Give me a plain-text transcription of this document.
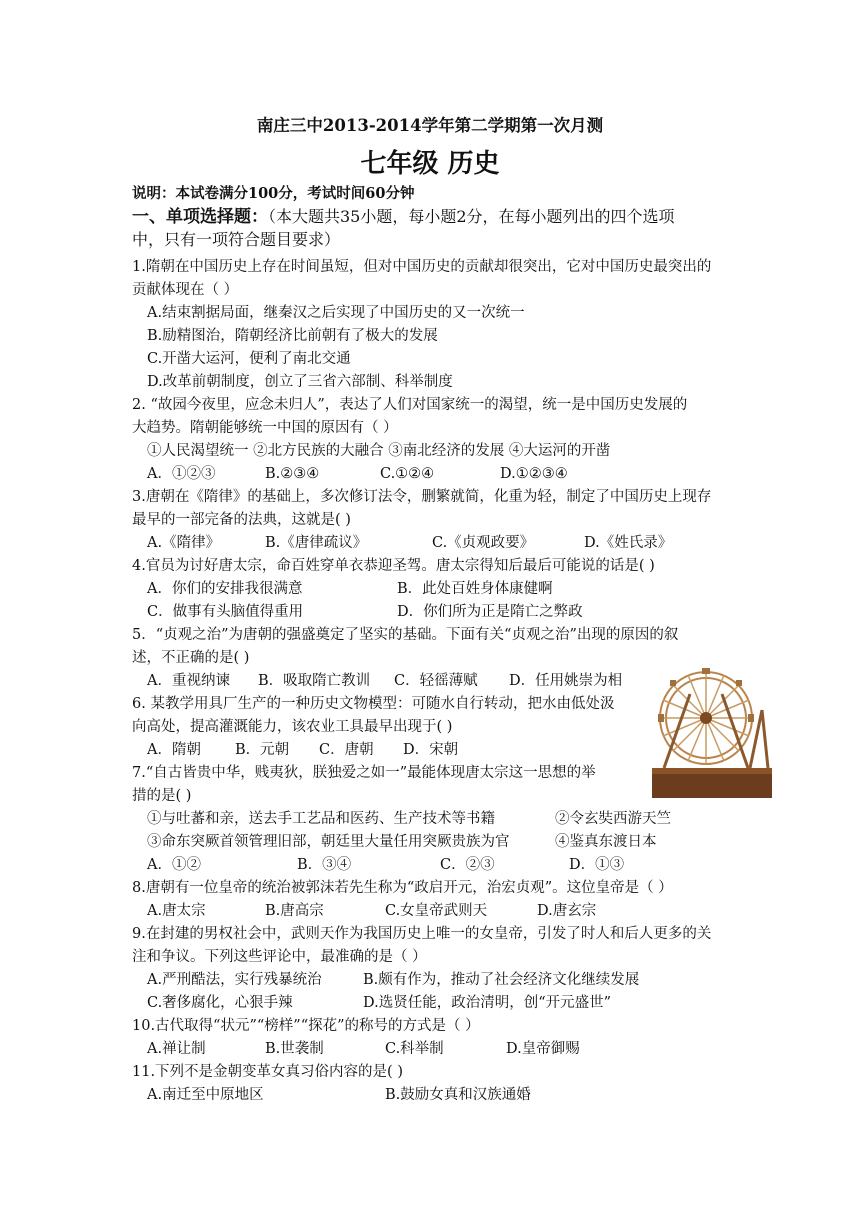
南庄三中2013-2014学年第二学期第一次月测
七年级 历史
说明：本试卷满分100分，考试时间60分钟
一、单项选择题：（本大题共35小题，每小题2分，在每小题列出的四个选项
中，只有一项符合题目要求）
1.隋朝在中国历史上存在时间虽短，但对中国历史的贡献却很突出，它对中国历史最突出的
贡献体现在（ ）
A.结束割据局面，继秦汉之后实现了中国历史的又一次统一
B.励精图治，隋朝经济比前朝有了极大的发展
C.开凿大运河，便利了南北交通
D.改革前朝制度，创立了三省六部制、科举制度
2. “故园今夜里，应念未归人”，表达了人们对国家统一的渴望，统一是中国历史发展的
大趋势。隋朝能够统一中国的原因有（ ）
①人民渴望统一 ②北方民族的大融合 ③南北经济的发展 ④大运河的开凿
A．①②③	B.②③④	C.①②④	D.①②③④
3.唐朝在《隋律》的基础上，多次修订法令，删繁就简，化重为轻，制定了中国历史上现存
最早的一部完备的法典，这就是( )
A.《隋律》	B.《唐律疏议》	C.《贞观政要》	D.《姓氏录》
4.官员为讨好唐太宗，命百姓穿单衣恭迎圣驾。唐太宗得知后最后可能说的话是( )
A．你们的安排我很满意	B．此处百姓身体康健啊
C．做事有头脑值得重用	D．你们所为正是隋亡之弊政
5．“贞观之治”为唐朝的强盛奠定了坚实的基础。下面有关“贞观之治”出现的原因的叙
述，不正确的是( )
A．重视纳谏 B．吸取隋亡教训 C．轻徭薄赋 D．任用姚崇为相
6. 某教学用具厂生产的一种历史文物模型：可随水自行转动，把水由低处汲
向高处，提高灌溉能力，该农业工具最早出现于( )
A．隋朝 B．元朝 C．唐朝 D．宋朝
7.“自古皆贵中华，贱夷狄，朕独爱之如一”最能体现唐太宗这一思想的举
措的是( )
①与吐蕃和亲，送去手工艺品和医药、生产技术等书籍	②令玄奘西游天竺
③命东突厥首领管理旧部，朝廷里大量任用突厥贵族为官	④鉴真东渡日本
A．①②	B．③④	C．②③	D．①③
8.唐朝有一位皇帝的统治被郭沫若先生称为“政启开元，治宏贞观”。这位皇帝是（ ）
A.唐太宗	B.唐高宗	C.女皇帝武则天	D.唐玄宗
9.在封建的男权社会中，武则天作为我国历史上唯一的女皇帝，引发了时人和后人更多的关
注和争议。下列这些评论中，最准确的是（ ）
A.严刑酷法，实行残暴统治	B.颇有作为，推动了社会经济文化继续发展
C.奢侈腐化，心狠手辣	D.选贤任能，政治清明，创“开元盛世”
10.古代取得“状元”“榜样”“探花”的称号的方式是（ ）
A.禅让制	B.世袭制	C.科举制	D.皇帝御赐
11.下列不是金朝变革女真习俗内容的是( )
A.南迁至中原地区	B.鼓励女真和汉族通婚
